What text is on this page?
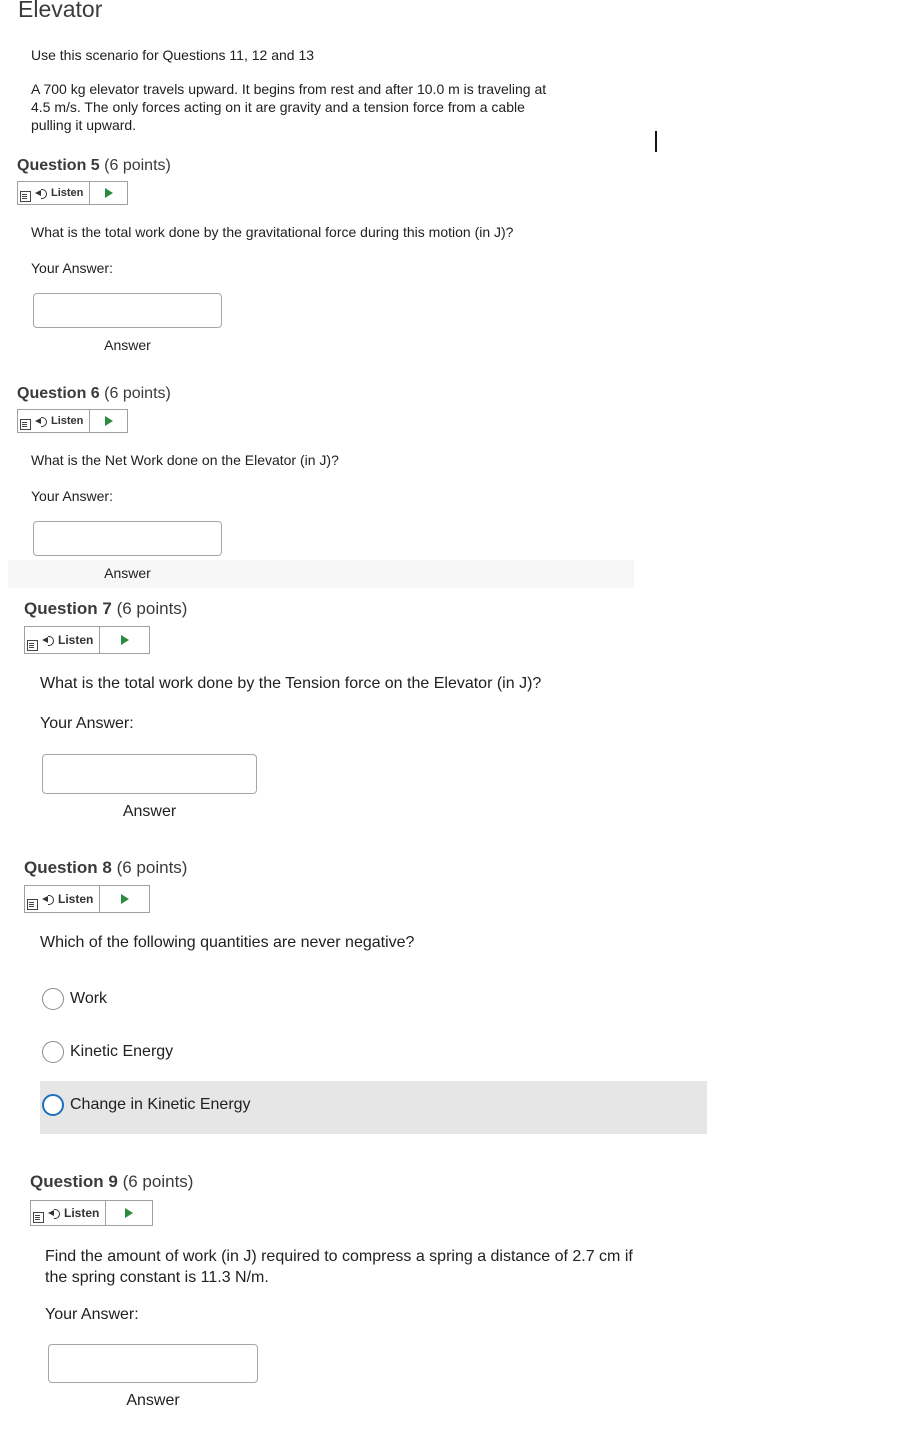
Elevator
Use this scenario for Questions 11, 12 and 13
A 700 kg elevator travels upward. It begins from rest and after 10.0 m is traveling at
4.5 m/s. The only forces acting on it are gravity and a tension force from a cable
pulling it upward.
Question 5 (6 points)
Listen
What is the total work done by the gravitational force during this motion (in J)?
Your Answer:
Answer
Question 6 (6 points)
Listen
What is the Net Work done on the Elevator (in J)?
Your Answer:
Answer
Question 7 (6 points)
Listen
What is the total work done by the Tension force on the Elevator (in J)?
Your Answer:
Answer
Question 8 (6 points)
Listen
Which of the following quantities are never negative?
Work
Kinetic Energy
Change in Kinetic Energy
Question 9 (6 points)
Listen
Find the amount of work (in J) required to compress a spring a distance of 2.7 cm if
the spring constant is 11.3 N/m.
Your Answer:
Answer
